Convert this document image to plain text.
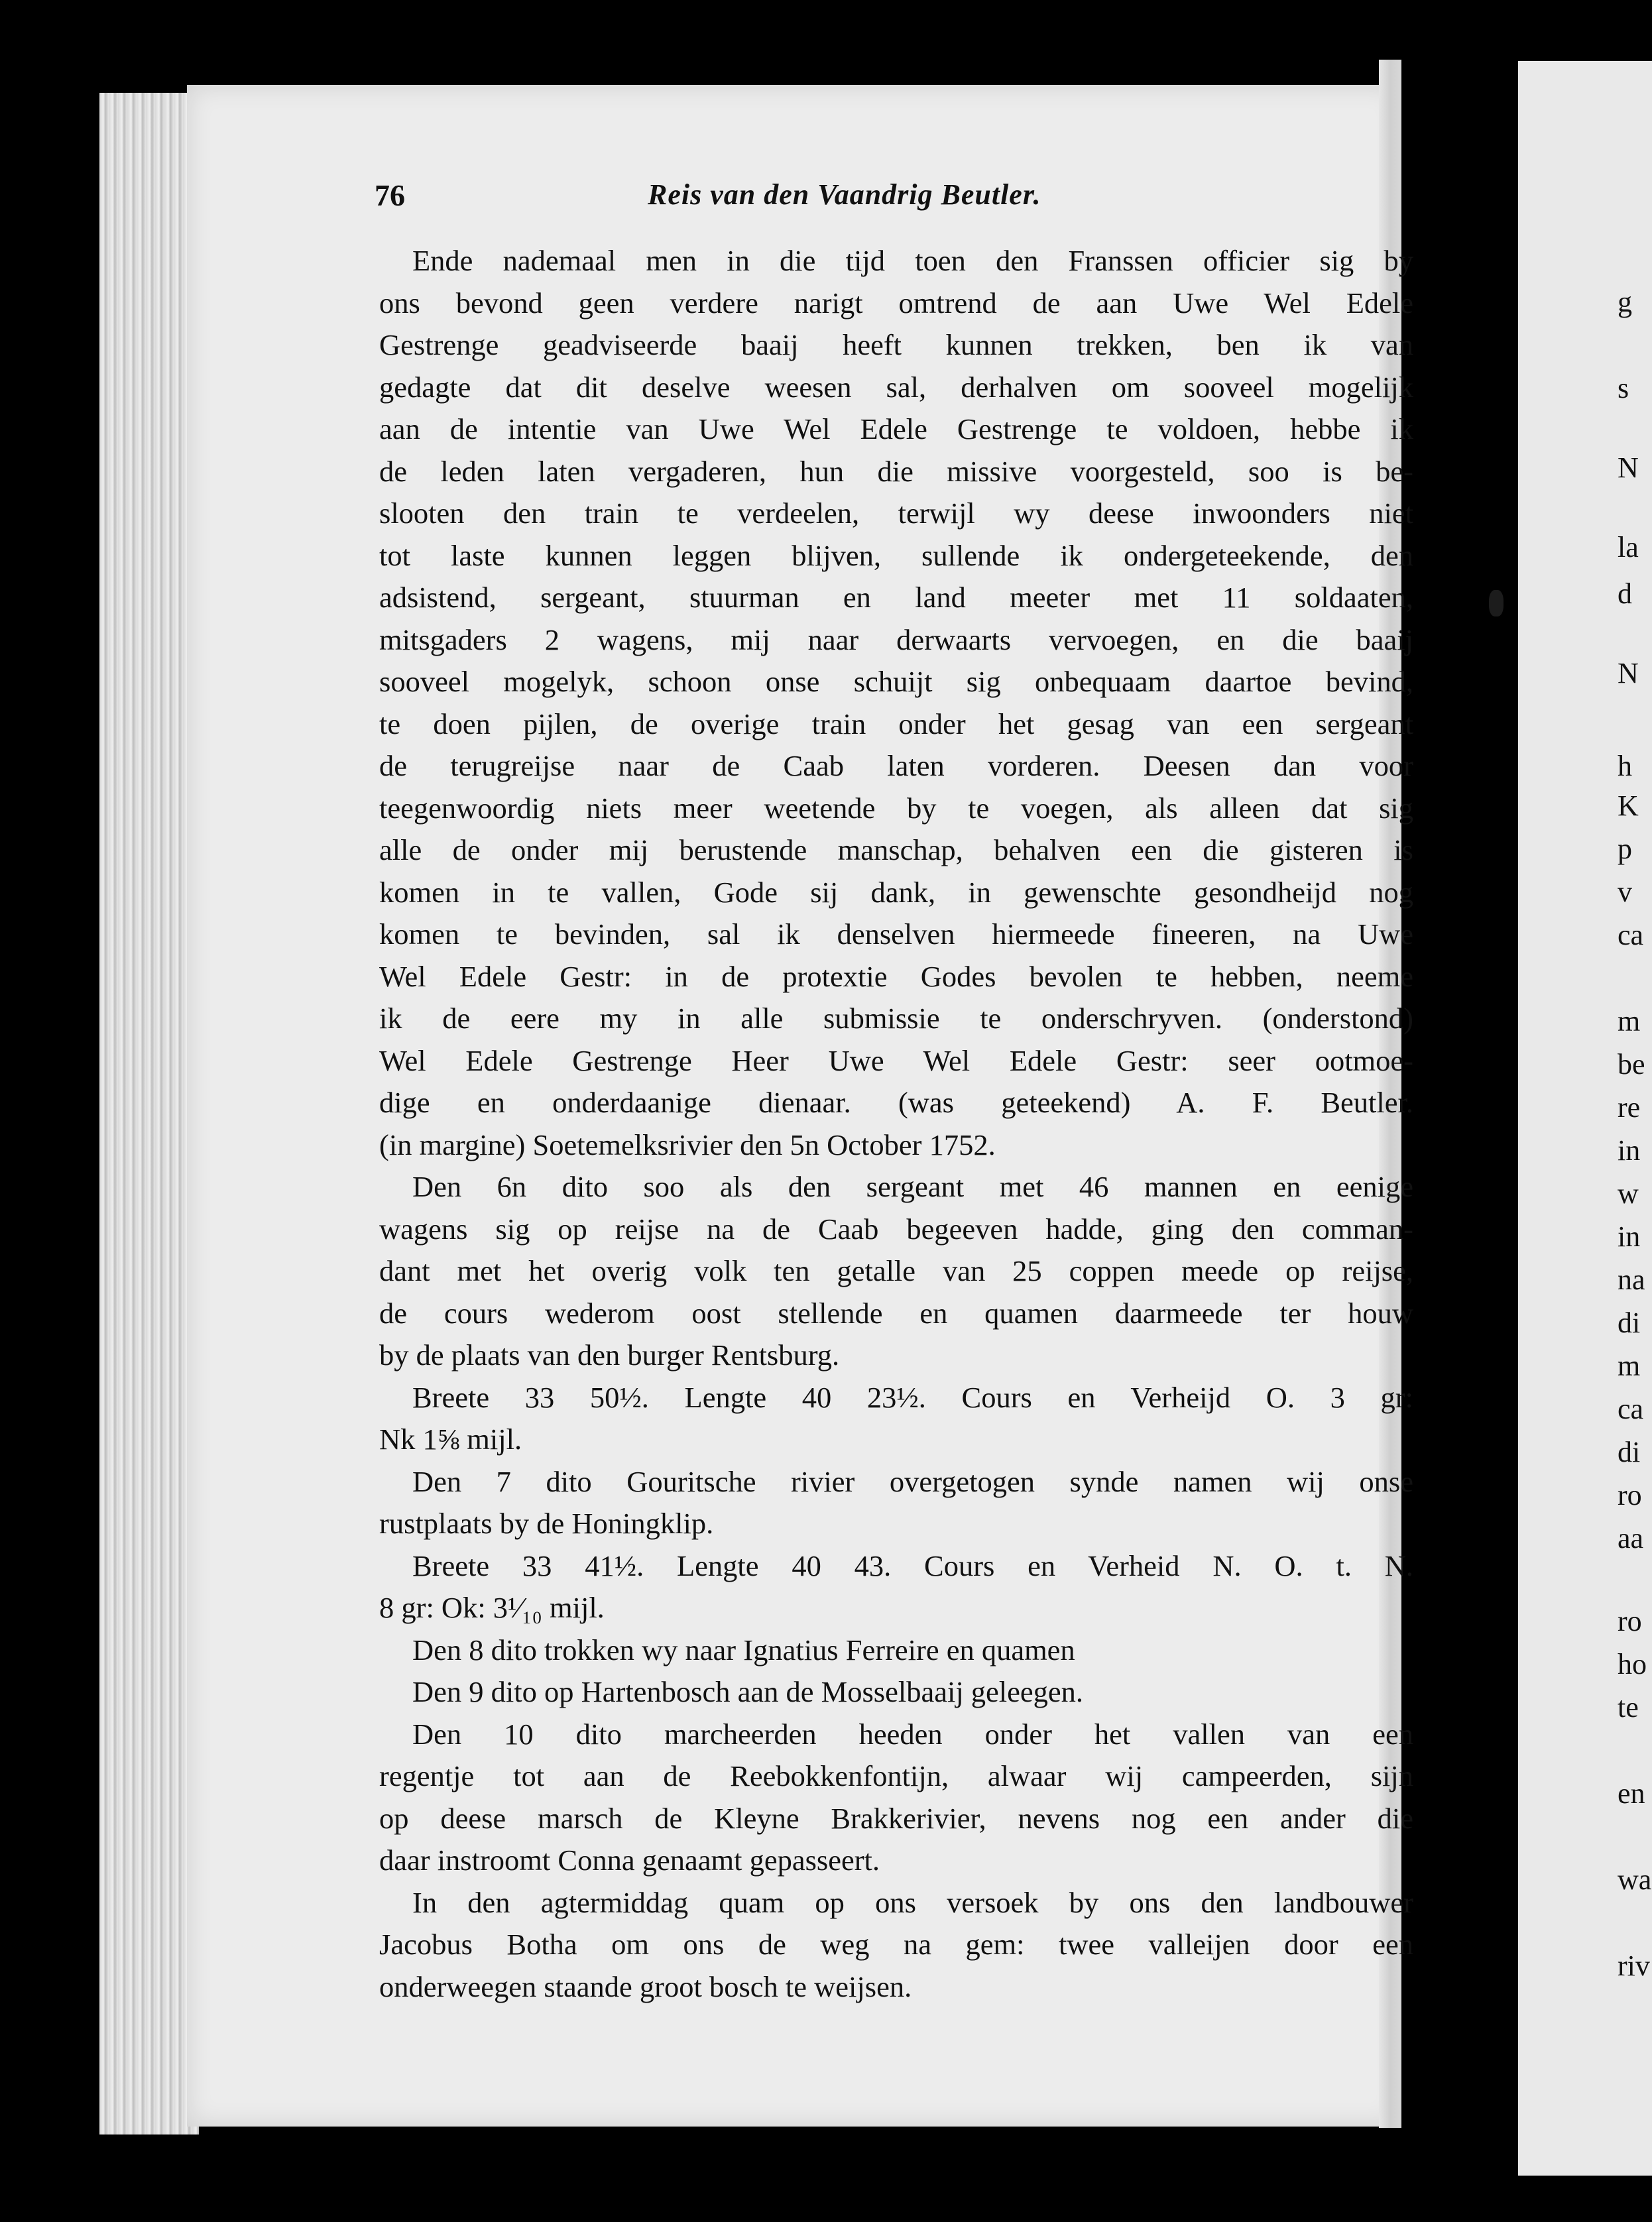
76	Reis van den Vaandrig Beutler.
Ende nademaal men in die tijd toen den Franssen officier sig by
ons bevond geen verdere narigt omtrend de aan Uwe Wel Edele
Gestrenge geadviseerde baaij heeft kunnen trekken, ben ik van
gedagte dat dit deselve weesen sal, derhalven om sooveel mogelijk
aan de intentie van Uwe Wel Edele Gestrenge te voldoen, hebbe ik
de leden laten vergaderen, hun die missive voorgesteld, soo is be-
slooten den train te verdeelen, terwijl wy deese inwoonders niet
tot laste kunnen leggen blijven, sullende ik ondergeteekende, den
adsistend, sergeant, stuurman en land meeter met 11 soldaaten,
mitsgaders 2 wagens, mij naar derwaarts vervoegen, en die baaij
sooveel mogelyk, schoon onse schuijt sig onbequaam daartoe bevind,
te doen pijlen, de overige train onder het gesag van een sergeant
de terugreijse naar de Caab laten vorderen. Deesen dan voor
teegenwoordig niets meer weetende by te voegen, als alleen dat sig
alle de onder mij berustende manschap, behalven een die gisteren is
komen in te vallen, Gode sij dank, in gewenschte gesondheijd nog
komen te bevinden, sal ik denselven hiermeede fineeren, na Uwe
Wel Edele Gestr: in de protextie Godes bevolen te hebben, neeme
ik de eere my in alle submissie te onderschryven. (onderstond)
Wel Edele Gestrenge Heer Uwe Wel Edele Gestr: seer ootmoe-
dige en onderdaanige dienaar. (was geteekend) A. F. Beutler.
(in margine) Soetemelksrivier den 5n October 1752.
Den 6n dito soo als den sergeant met 46 mannen en eenige
wagens sig op reijse na de Caab begeeven hadde, ging den comman-
dant met het overig volk ten getalle van 25 coppen meede op reijse,
de cours wederom oost stellende en quamen daarmeede ter houw
by de plaats van den burger Rentsburg.
Breete 33 50½. Lengte 40 23½. Cours en Verheijd O. 3 gr:
Nk 1⅝ mijl.
Den 7 dito Gouritsche rivier overgetogen synde namen wij onse
rustplaats by de Honingklip.
Breete 33 41½. Lengte 40 43. Cours en Verheid N. O. t. N.
8 gr: Ok: 3¹⁄₁₀ mijl.
Den 8 dito trokken wy naar Ignatius Ferreire en quamen
Den 9 dito op Hartenbosch aan de Mosselbaaij geleegen.
Den 10 dito marcheerden heeden onder het vallen van een
regentje tot aan de Reebokkenfontijn, alwaar wij campeerden, sijn
op deese marsch de Kleyne Brakkerivier, nevens nog een ander die
daar instroomt Conna genaamt gepasseert.
In den agtermiddag quam op ons versoek by ons den landbouwer
Jacobus Botha om ons de weg na gem: twee valleijen door een
onderweegen staande groot bosch te weijsen.
g
s
N
la
d
N
h
K
p
v
ca
m
be
re
in
w
in
na
di
m
ca
di
ro
aa
ro
ho
te
en
wa
riv
